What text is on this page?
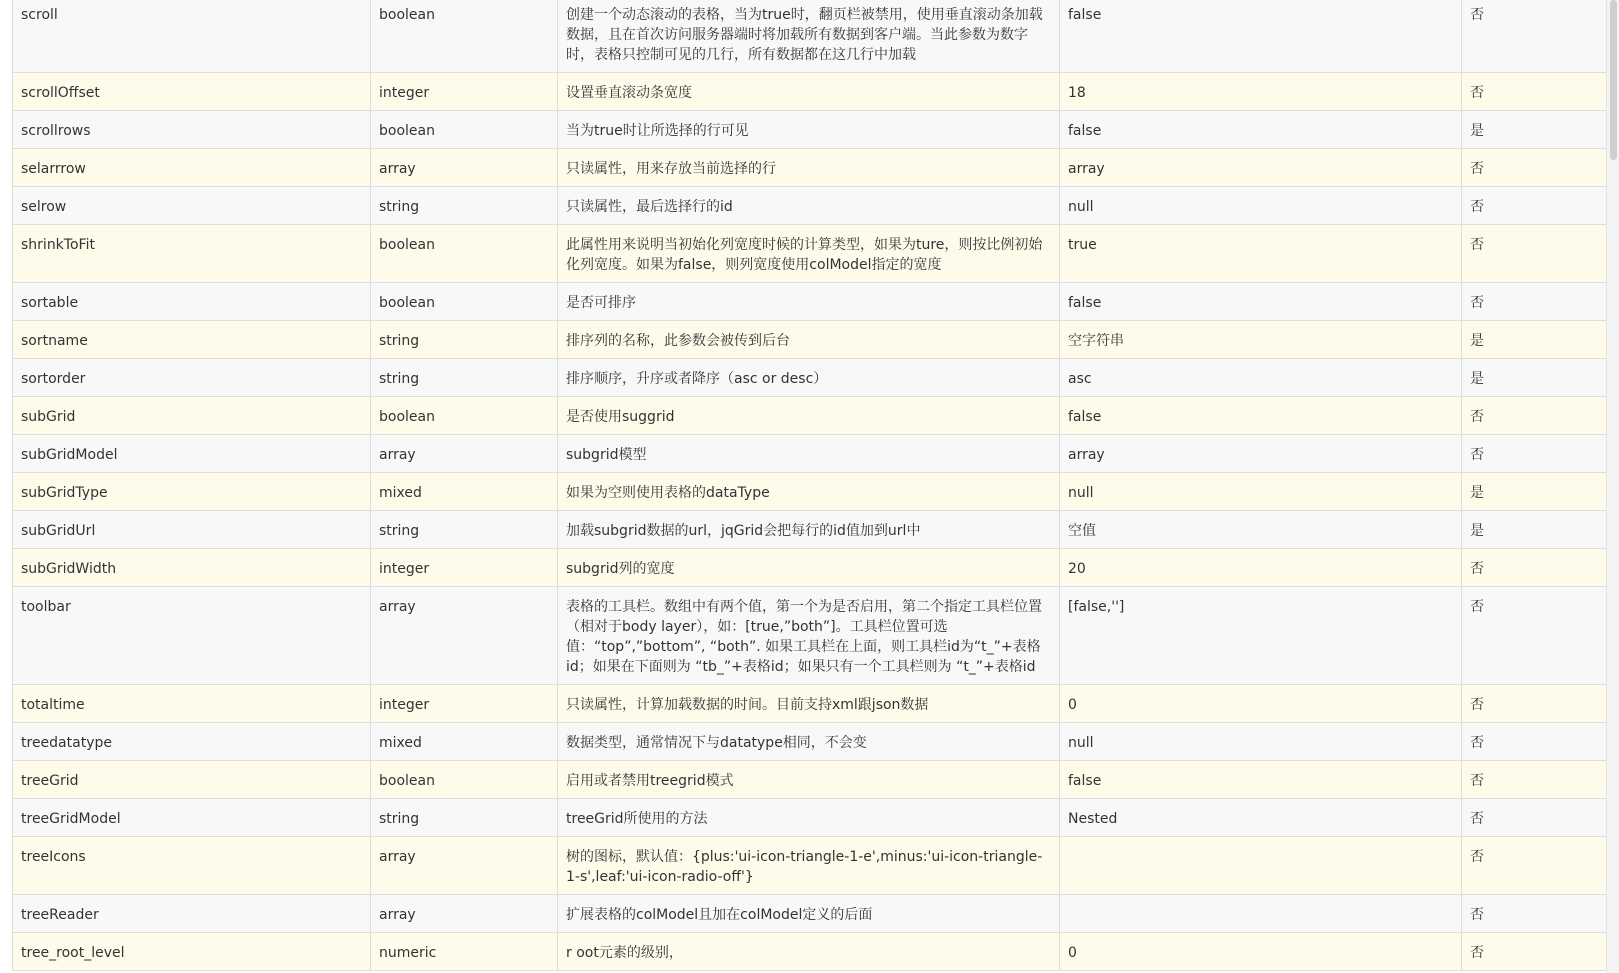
scroll	boolean	创建一个动态滚动的表格，当为true时，翻页栏被禁用，使用垂直滚动条加载数据，且在首次访问服务器端时将加载所有数据到客户端。当此参数为数字时，表格只控制可见的几行，所有数据都在这几行中加载	false	否
scrollOffset	integer	设置垂直滚动条宽度	18	否
scrollrows	boolean	当为true时让所选择的行可见	false	是
selarrrow	array	只读属性，用来存放当前选择的行	array	否
selrow	string	只读属性，最后选择行的id	null	否
shrinkToFit	boolean	此属性用来说明当初始化列宽度时候的计算类型，如果为ture，则按比例初始化列宽度。如果为false，则列宽度使用colModel指定的宽度	true	否
sortable	boolean	是否可排序	false	否
sortname	string	排序列的名称，此参数会被传到后台	空字符串	是
sortorder	string	排序顺序，升序或者降序（asc or desc）	asc	是
subGrid	boolean	是否使用suggrid	false	否
subGridModel	array	subgrid模型	array	否
subGridType	mixed	如果为空则使用表格的dataType	null	是
subGridUrl	string	加载subgrid数据的url，jqGrid会把每行的id值加到url中	空值	是
subGridWidth	integer	subgrid列的宽度	20	否
toolbar	array	表格的工具栏。数组中有两个值，第一个为是否启用，第二个指定工具栏位置（相对于body layer），如：[true,”both”]。工具栏位置可选值：“top”,”bottom”, “both”. 如果工具栏在上面，则工具栏id为“t_”+表格id；如果在下面则为 “tb_”+表格id；如果只有一个工具栏则为 “t_”+表格id	[false,'']	否
totaltime	integer	只读属性，计算加载数据的时间。目前支持xml跟json数据	0	否
treedatatype	mixed	数据类型，通常情况下与datatype相同，不会变	null	否
treeGrid	boolean	启用或者禁用treegrid模式	false	否
treeGridModel	string	treeGrid所使用的方法	Nested	否
treeIcons	array	树的图标，默认值：{plus:'ui-icon-triangle-1-e',minus:'ui-icon-triangle-1-s',leaf:'ui-icon-radio-off'}		否
treeReader	array	扩展表格的colModel且加在colModel定义的后面		否
tree_root_level	numeric	r oot元素的级别，	0	否
